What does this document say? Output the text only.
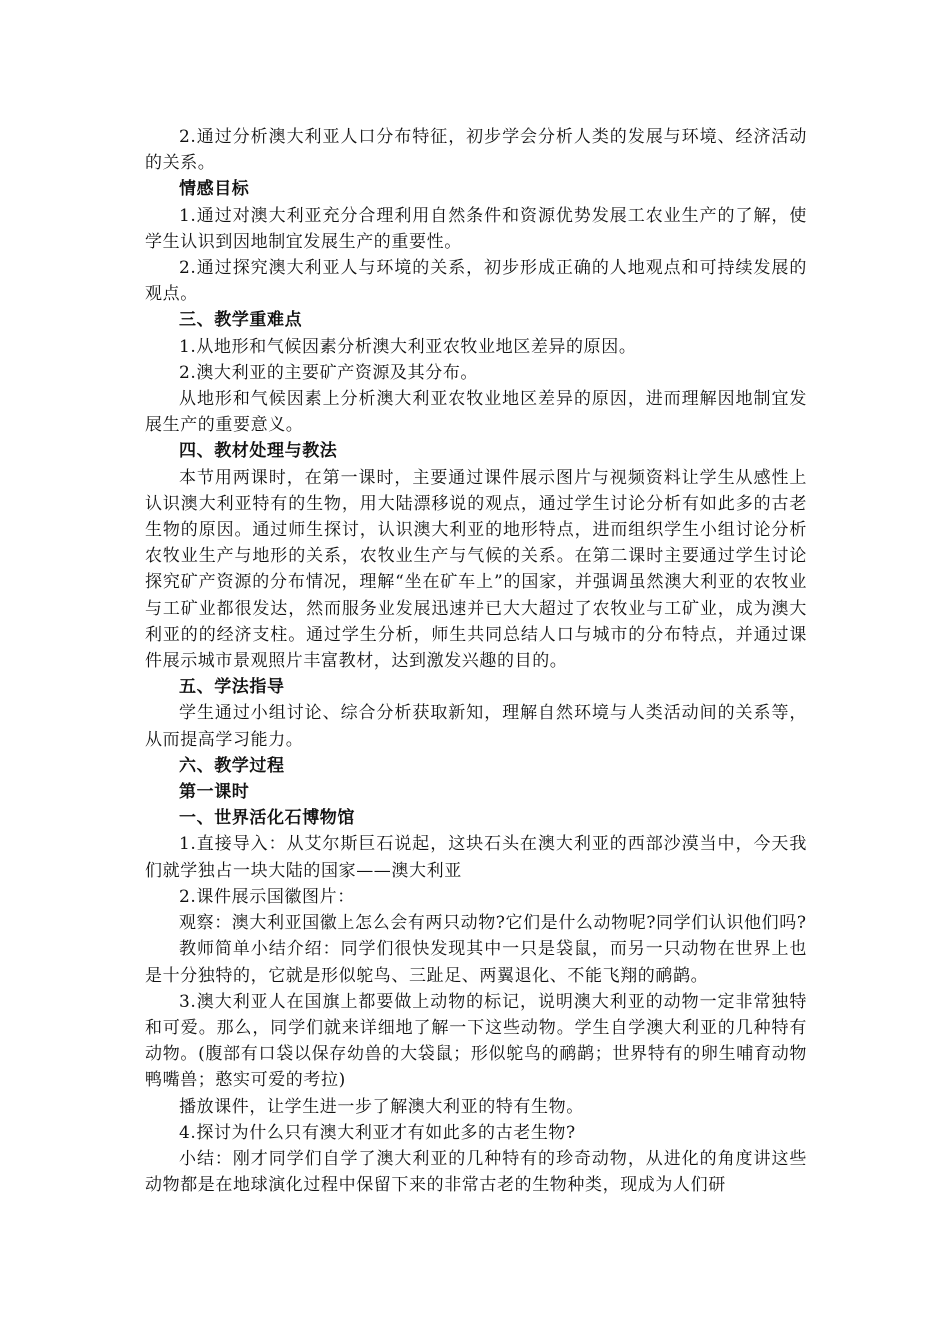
2.通过分析澳大利亚人口分布特征，初步学会分析人类的发展与环境、经济活动的关系。

情感目标

1.通过对澳大利亚充分合理利用自然条件和资源优势发展工农业生产的了解，使学生认识到因地制宜发展生产的重要性。

2.通过探究澳大利亚人与环境的关系，初步形成正确的人地观点和可持续发展的观点。

三、教学重难点

1.从地形和气候因素分析澳大利亚农牧业地区差异的原因。

2.澳大利亚的主要矿产资源及其分布。

从地形和气候因素上分析澳大利亚农牧业地区差异的原因，进而理解因地制宜发展生产的重要意义。

四、教材处理与教法

本节用两课时，在第一课时，主要通过课件展示图片与视频资料让学生从感性上认识澳大利亚特有的生物，用大陆漂移说的观点，通过学生讨论分析有如此多的古老生物的原因。通过师生探讨，认识澳大利亚的地形特点，进而组织学生小组讨论分析农牧业生产与地形的关系，农牧业生产与气候的关系。在第二课时主要通过学生讨论探究矿产资源的分布情况，理解“坐在矿车上”的国家，并强调虽然澳大利亚的农牧业与工矿业都很发达，然而服务业发展迅速并已大大超过了农牧业与工矿业，成为澳大利亚的的经济支柱。通过学生分析，师生共同总结人口与城市的分布特点，并通过课件展示城市景观照片丰富教材，达到激发兴趣的目的。

五、学法指导

学生通过小组讨论、综合分析获取新知，理解自然环境与人类活动间的关系等，从而提高学习能力。

六、教学过程

第一课时

一、世界活化石博物馆

1.直接导入：从艾尔斯巨石说起，这块石头在澳大利亚的西部沙漠当中，今天我们就学独占一块大陆的国家——澳大利亚

2.课件展示国徽图片：

观察：澳大利亚国徽上怎么会有两只动物?它们是什么动物呢?同学们认识他们吗?

教师简单小结介绍：同学们很快发现其中一只是袋鼠，而另一只动物在世界上也是十分独特的，它就是形似鸵鸟、三趾足、两翼退化、不能飞翔的鸸鹋。

3.澳大利亚人在国旗上都要做上动物的标记，说明澳大利亚的动物一定非常独特和可爱。那么，同学们就来详细地了解一下这些动物。学生自学澳大利亚的几种特有动物。(腹部有口袋以保存幼兽的大袋鼠；形似鸵鸟的鸸鹋；世界特有的卵生哺育动物鸭嘴兽；憨实可爱的考拉)

播放课件，让学生进一步了解澳大利亚的特有生物。

4.探讨为什么只有澳大利亚才有如此多的古老生物?

小结：刚才同学们自学了澳大利亚的几种特有的珍奇动物，从进化的角度讲这些动物都是在地球演化过程中保留下来的非常古老的生物种类，现成为人们研
